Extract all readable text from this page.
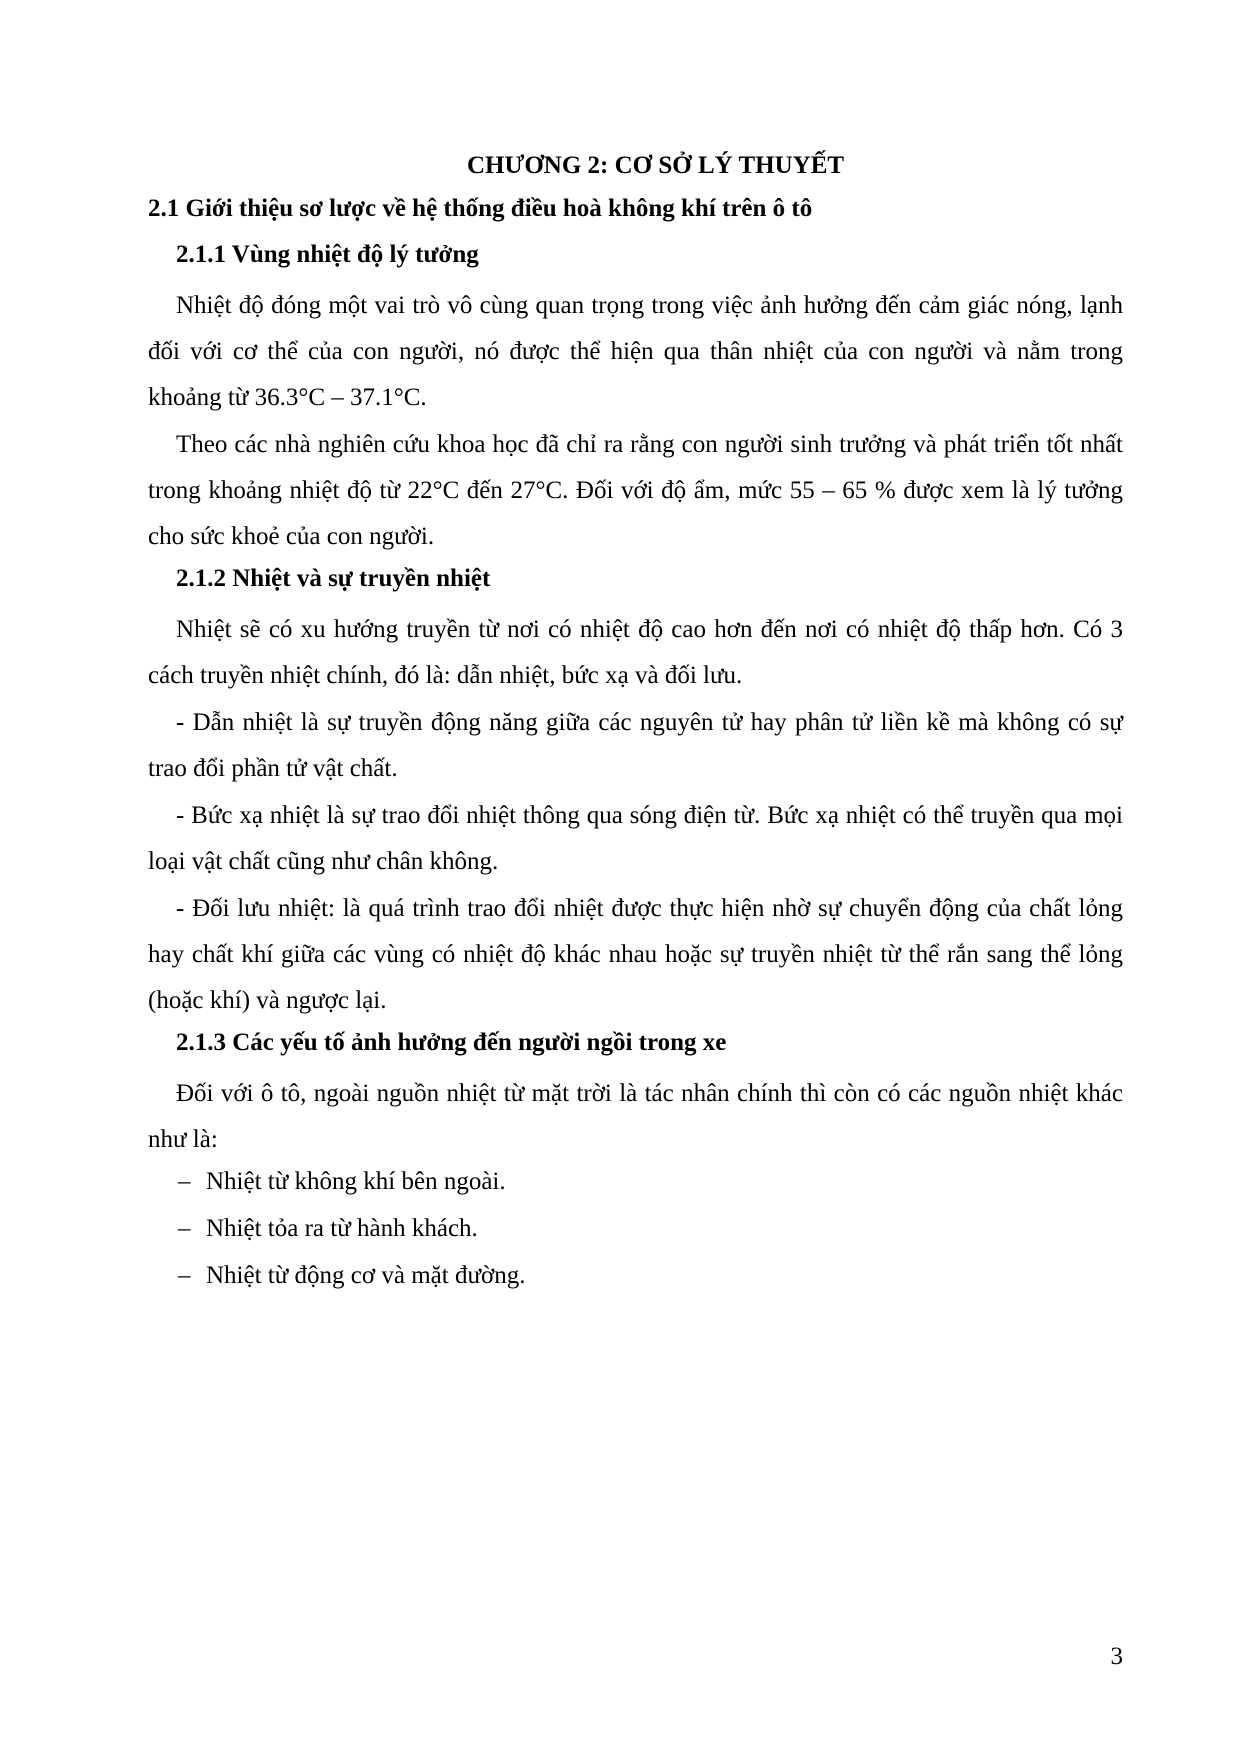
CHƯƠNG 2: CƠ SỞ LÝ THUYẾT
2.1 Giới thiệu sơ lược về hệ thống điều hoà không khí trên ô tô
2.1.1 Vùng nhiệt độ lý tưởng

Nhiệt độ đóng một vai trò vô cùng quan trọng trong việc ảnh hưởng đến cảm giác nóng, lạnh đối với cơ thể của con người, nó được thể hiện qua thân nhiệt của con người và nằm trong khoảng từ 36.3°C – 37.1°C.

Theo các nhà nghiên cứu khoa học đã chỉ ra rằng con người sinh trưởng và phát triển tốt nhất trong khoảng nhiệt độ từ 22°C đến 27°C. Đối với độ ẩm, mức 55 – 65 % được xem là lý tưởng cho sức khoẻ của con người.

2.1.2 Nhiệt và sự truyền nhiệt

Nhiệt sẽ có xu hướng truyền từ nơi có nhiệt độ cao hơn đến nơi có nhiệt độ thấp hơn. Có 3 cách truyền nhiệt chính, đó là: dẫn nhiệt, bức xạ và đối lưu.

- Dẫn nhiệt là sự truyền động năng giữa các nguyên tử hay phân tử liền kề mà không có sự trao đổi phần tử vật chất.

- Bức xạ nhiệt là sự trao đổi nhiệt thông qua sóng điện từ. Bức xạ nhiệt có thể truyền qua mọi loại vật chất cũng như chân không.

- Đối lưu nhiệt: là quá trình trao đổi nhiệt được thực hiện nhờ sự chuyển động của chất lỏng hay chất khí giữa các vùng có nhiệt độ khác nhau hoặc sự truyền nhiệt từ thể rắn sang thể lỏng (hoặc khí) và ngược lại.

2.1.3 Các yếu tố ảnh hưởng đến người ngồi trong xe

Đối với ô tô, ngoài nguồn nhiệt từ mặt trời là tác nhân chính thì còn có các nguồn nhiệt khác như là:

– Nhiệt từ không khí bên ngoài.
– Nhiệt tỏa ra từ hành khách.
– Nhiệt từ động cơ và mặt đường.
3
